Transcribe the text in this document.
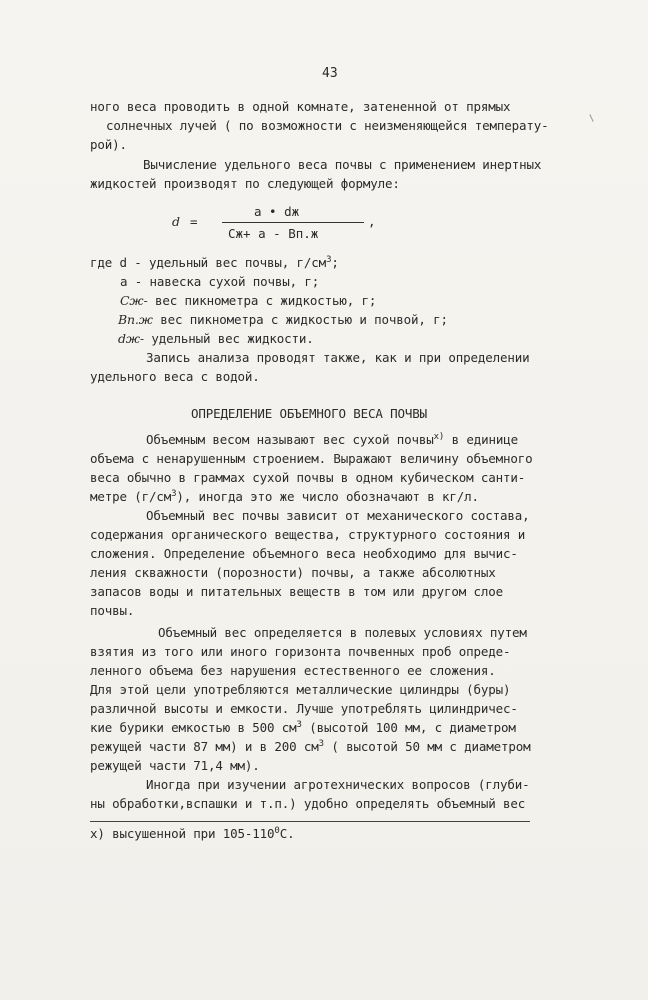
43
ного веса проводить в одной комнате, затененной от прямых
солнечных лучей ( по возможности с неизменяющейся температу-
рой).
Вычисление удельного веса почвы с применением инертных
жидкостей производят по следующей формуле:
d =
a • dж
Cж+ a - Bп.ж
,
где d - удельный вес почвы, $г/см^3$;
a - навеска сухой почвы, г;
Cж- вес пикнометра с жидкостью, г;
Bп.ж вес пикнометра с жидкостью и почвой, г;
dж- удельный вес жидкости.
Запись анализа проводят также, как и при определении
удельного веса с водой.
ОПРЕДЕЛЕНИЕ ОБЪЕМНОГО ВЕСА ПОЧВЫ
Объемным весом называют вес сухой почвы$^{x)}$ в единице
объема с ненарушенным строением. Выражают величину объемного
веса обычно в граммах сухой почвы в одном кубическом санти-
метре $(г/см^3)$, иногда это же число обозначают в кг/л.
Объемный вес почвы зависит от механического состава,
содержания органического вещества, структурного состояния и
сложения. Определение объемного веса необходимо для вычис-
ления скважности (порозности) почвы, а также абсолютных
запасов воды и питательных веществ в том или другом слое
почвы.
Объемный вес определяется в полевых условиях путем
взятия из того или иного горизонта почвенных проб опреде-
ленного объема без нарушения естественного ее сложения.
Для этой цели употребляются металлические цилиндры (буры)
различной высоты и емкости. Лучше употреблять цилиндричес-
кие бурики емкостью в 500 $см^3$ (высотой 100 мм, с диаметром
режущей части 87 мм) и в 200 $см^3$ ( высотой 50 мм с диаметром
режущей части 71,4 мм).
Иногда при изучении агротехнических вопросов (глуби-
ны обработки,вспашки и т.п.) удобно определять объемный вес
x) высушенной при $105-110^0С$.
